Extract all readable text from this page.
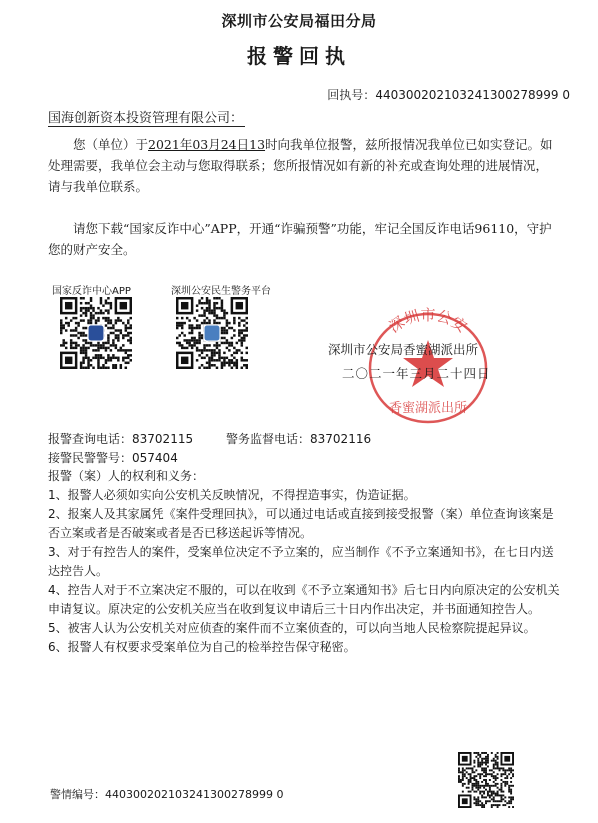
深圳市公安局福田分局
报警回执
回执号：440300202103241300278999 0
国海创新资本投资管理有限公司：
您（单位）于2021年03月24日13时向我单位报警，兹所报情况我单位已如实登记。如处理需要，我单位会主动与您取得联系；您所报情况如有新的补充或查询处理的进展情况，请与我单位联系。
请您下载“国家反诈中心”APP，开通“诈骗预警”功能，牢记全国反诈电话96110，守护您的财产安全。
国家反诈中心APP	深圳公安民生警务平台
深圳市公安
香蜜湖派出所
深圳市公安局香蜜湖派出所
二〇二一年三月二十四日
报警查询电话：83702115	警务监督电话：83702116
接警民警警号：057404
报警（案）人的权利和义务：
1、报警人必须如实向公安机关反映情况，不得捏造事实，伪造证据。
2、报案人及其家属凭《案件受理回执》，可以通过电话或直接到接受报警（案）单位查询该案是否立案或者是否破案或者是否已移送起诉等情况。
3、对于有控告人的案件，受案单位决定不予立案的，应当制作《不予立案通知书》，在七日内送达控告人。
4、控告人对于不立案决定不服的，可以在收到《不予立案通知书》后七日内向原决定的公安机关申请复议。原决定的公安机关应当在收到复议申请后三十日内作出决定，并书面通知控告人。
5、被害人认为公安机关对应侦查的案件而不立案侦查的，可以向当地人民检察院提起异议。
6、报警人有权要求受案单位为自己的检举控告保守秘密。
警情编号：440300202103241300278999 0
